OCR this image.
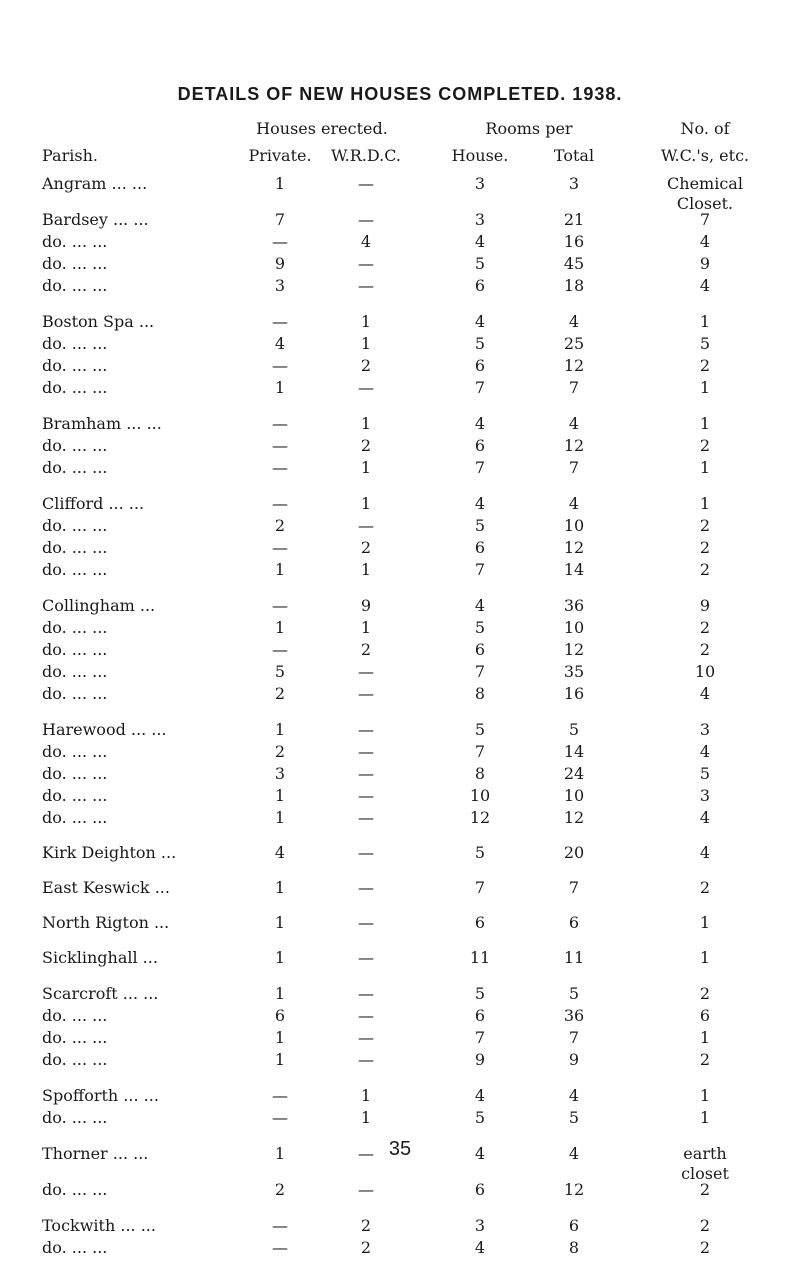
DETAILS OF NEW HOUSES COMPLETED. 1938.
Houses erected.	Rooms per	No. of
Parish.	Private. W.R.D.C.	House.	Total	W.C.'s, etc.
Angram ... ...	1	—	3	3	Chemical
Closet.
Bardsey ... ...	7	—	3	21	7
do. ... ...	—	4	4	16	4
do. ... ...	9	—	5	45	9
do. ... ...	3	—	6	18	4
Boston Spa ...	—	1	4	4	1
do. ... ...	4	1	5	25	5
do. ... ...	—	2	6	12	2
do. ... ...	1	—	7	7	1
Bramham ... ...	—	1	4	4	1
do. ... ...	—	2	6	12	2
do. ... ...	—	1	7	7	1
Clifford ... ...	—	1	4	4	1
do. ... ...	2	—	5	10	2
do. ... ...	—	2	6	12	2
do. ... ...	1	1	7	14	2
Collingham ...	—	9	4	36	9
do. ... ...	1	1	5	10	2
do. ... ...	—	2	6	12	2
do. ... ...	5	—	7	35	10
do. ... ...	2	—	8	16	4
Harewood ... ...	1	—	5	5	3
do. ... ...	2	—	7	14	4
do. ... ...	3	—	8	24	5
do. ... ...	1	—	10	10	3
do. ... ...	1	—	12	12	4
Kirk Deighton ...	4	—	5	20	4
East Keswick ...	1	—	7	7	2
North Rigton ...	1	—	6	6	1
Sicklinghall ...	1	—	11	11	1
Scarcroft ... ...	1	—	5	5	2
do. ... ...	6	—	6	36	6
do. ... ...	1	—	7	7	1
do. ... ...	1	—	9	9	2
Spofforth ... ...	—	1	4	4	1
do. ... ...	—	1	5	5	1
Thorner ... ...	1	—	4	4	earth
closet
do. ... ...	2	—	6	12	2
Tockwith ... ...	—	2	3	6	2
do. ... ...	—	2	4	8	2
35
